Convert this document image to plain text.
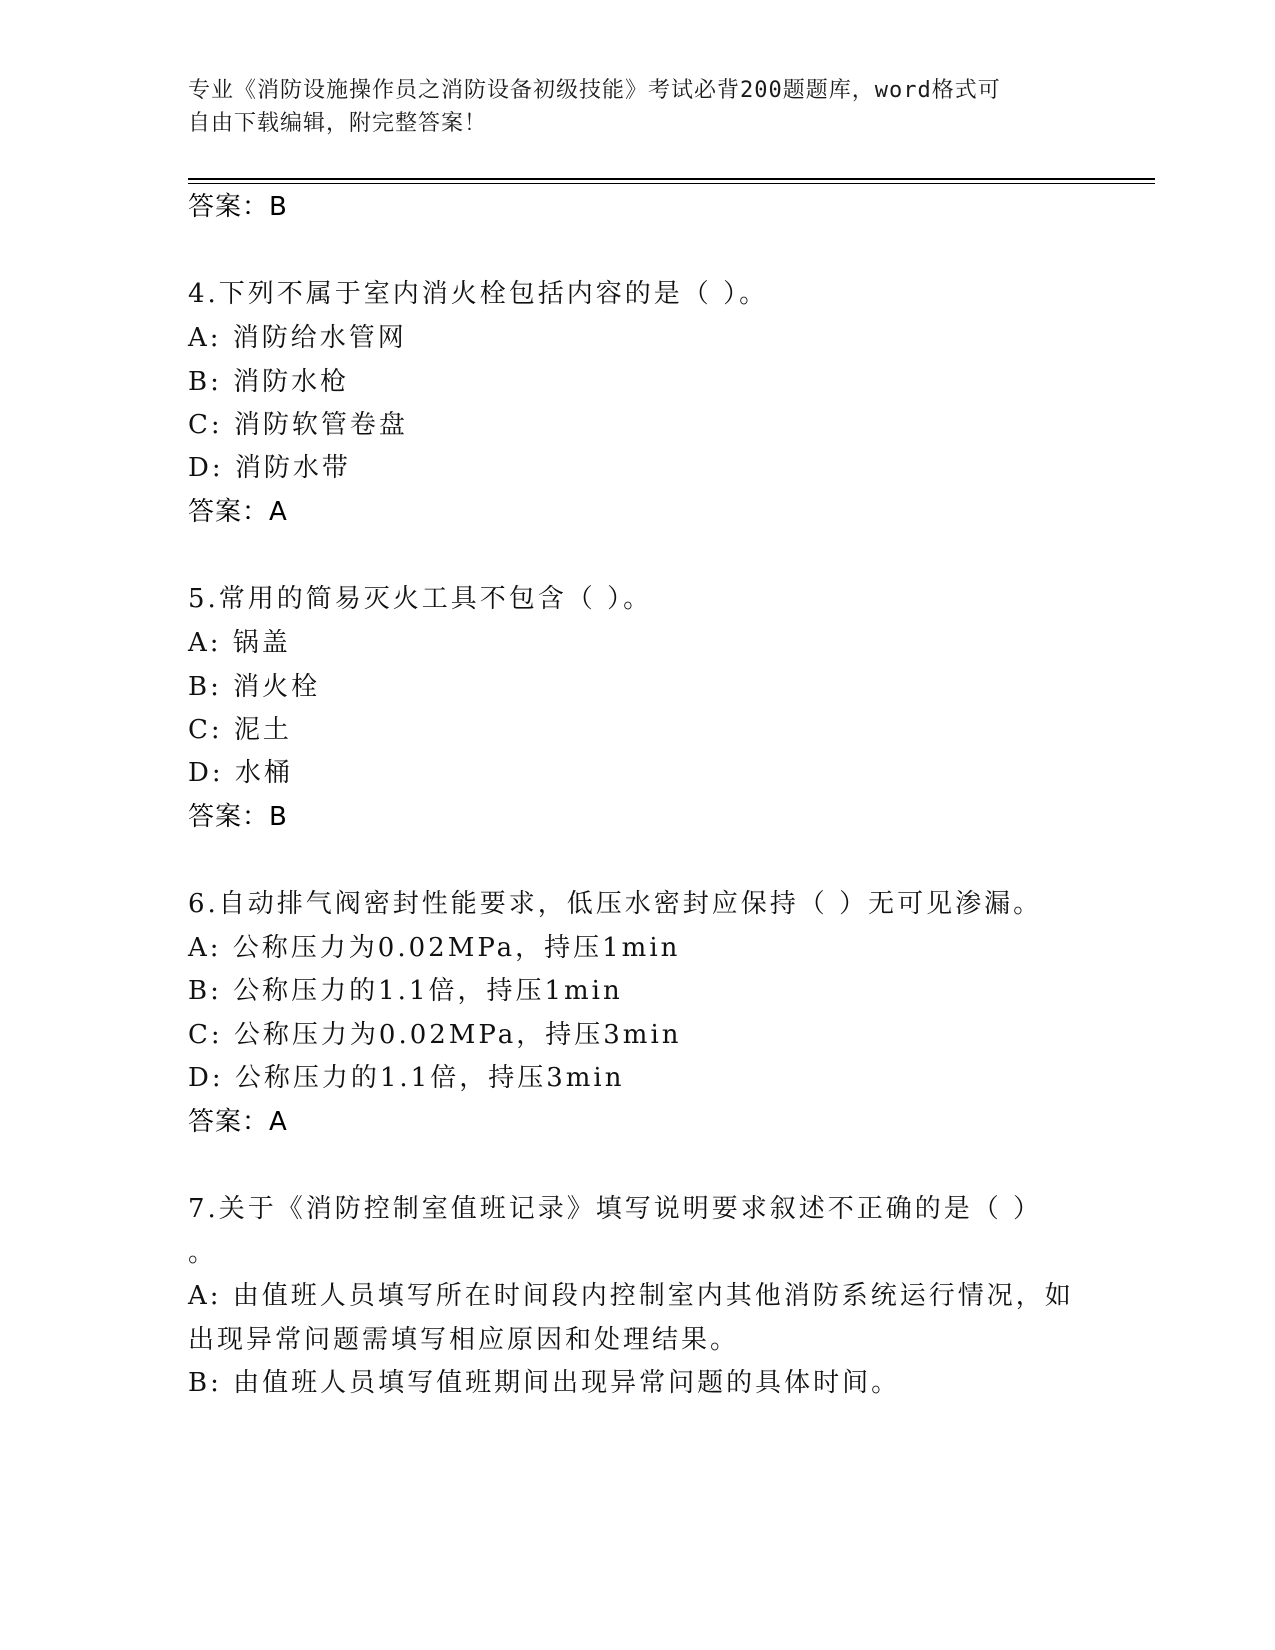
专业《消防设施操作员之消防设备初级技能》考试必背200题题库，word格式可
自由下载编辑，附完整答案！
答案：B
4.下列不属于室内消火栓包括内容的是（ ）。
A: 消防给水管网
B: 消防水枪
C: 消防软管卷盘
D: 消防水带
答案：A
5.常用的简易灭火工具不包含（ ）。
A: 锅盖
B: 消火栓
C: 泥土
D: 水桶
答案：B
6.自动排气阀密封性能要求，低压水密封应保持（ ）无可见渗漏。
A: 公称压力为0.02MPa，持压1min
B: 公称压力的1.1倍，持压1min
C: 公称压力为0.02MPa，持压3min
D: 公称压力的1.1倍，持压3min
答案：A
7.关于《消防控制室值班记录》填写说明要求叙述不正确的是（ ）
。
A: 由值班人员填写所在时间段内控制室内其他消防系统运行情况，如
出现异常问题需填写相应原因和处理结果。
B: 由值班人员填写值班期间出现异常问题的具体时间。
